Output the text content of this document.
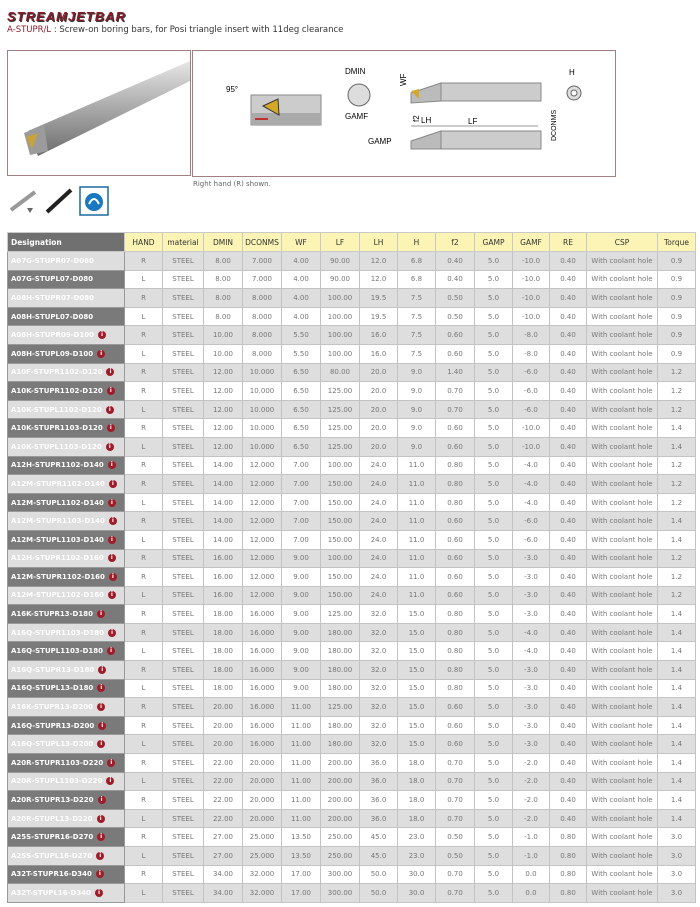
STREAMJETBAR
A-STUPR/L : Screw-on boring bars, for Posi triangle insert with 11deg clearance
95°
DMIN
GAMF
WF
f2 LH	LF	DCONMS
GAMP
H
Right hand (R) shown.
Designation	HAND	material	DMIN	DCONMS	WF	LF	LH	H	f2	GAMP	GAMF	RE	CSP	Torque
A07G-STUPR07-D080	R	STEEL	8.00	7.000	4.00	90.00	12.0	6.8	0.40	5.0	-10.0	0.40	With coolant hole	0.9
A07G-STUPL07-D080	L	STEEL	8.00	7.000	4.00	90.00	12.0	6.8	0.40	5.0	-10.0	0.40	With coolant hole	0.9
A08H-STUPR07-D080	R	STEEL	8.00	8.000	4.00	100.00	19.5	7.5	0.50	5.0	-10.0	0.40	With coolant hole	0.9
A08H-STUPL07-D080	L	STEEL	8.00	8.000	4.00	100.00	19.5	7.5	0.50	5.0	-10.0	0.40	With coolant hole	0.9
A08H-STUPR09-D100 i	R	STEEL	10.00	8.000	5.50	100.00	16.0	7.5	0.60	5.0	-8.0	0.40	With coolant hole	0.9
A08H-STUPL09-D100 i	L	STEEL	10.00	8.000	5.50	100.00	16.0	7.5	0.60	5.0	-8.0	0.40	With coolant hole	0.9
A10F-STUPR1102-D120 i	R	STEEL	12.00	10.000	6.50	80.00	20.0	9.0	1.40	5.0	-6.0	0.40	With coolant hole	1.2
A10K-STUPR1102-D120 i	R	STEEL	12.00	10.000	6.50	125.00	20.0	9.0	0.70	5.0	-6.0	0.40	With coolant hole	1.2
A10K-STUPL1102-D120 i	L	STEEL	12.00	10.000	6.50	125.00	20.0	9.0	0.70	5.0	-6.0	0.40	With coolant hole	1.2
A10K-STUPR1103-D120 i	R	STEEL	12.00	10.000	6.50	125.00	20.0	9.0	0.60	5.0	-10.0	0.40	With coolant hole	1.4
A10K-STUPL1103-D120 i	L	STEEL	12.00	10.000	6.50	125.00	20.0	9.0	0.60	5.0	-10.0	0.40	With coolant hole	1.4
A12H-STUPR1102-D140 i	R	STEEL	14.00	12.000	7.00	100.00	24.0	11.0	0.80	5.0	-4.0	0.40	With coolant hole	1.2
A12M-STUPR1102-D140 i	R	STEEL	14.00	12.000	7.00	150.00	24.0	11.0	0.80	5.0	-4.0	0.40	With coolant hole	1.2
A12M-STUPL1102-D140 i	L	STEEL	14.00	12.000	7.00	150.00	24.0	11.0	0.80	5.0	-4.0	0.40	With coolant hole	1.2
A12M-STUPR1103-D140 i	R	STEEL	14.00	12.000	7.00	150.00	24.0	11.0	0.60	5.0	-6.0	0.40	With coolant hole	1.4
A12M-STUPL1103-D140 i	L	STEEL	14.00	12.000	7.00	150.00	24.0	11.0	0.60	5.0	-6.0	0.40	With coolant hole	1.4
A12H-STUPR1102-D160 i	R	STEEL	16.00	12.000	9.00	100.00	24.0	11.0	0.60	5.0	-3.0	0.40	With coolant hole	1.2
A12M-STUPR1102-D160 i	R	STEEL	16.00	12.000	9.00	150.00	24.0	11.0	0.60	5.0	-3.0	0.40	With coolant hole	1.2
A12M-STUPL1102-D160 i	L	STEEL	16.00	12.000	9.00	150.00	24.0	11.0	0.60	5.0	-3.0	0.40	With coolant hole	1.2
A16K-STUPR13-D180 i	R	STEEL	18.00	16.000	9.00	125.00	32.0	15.0	0.80	5.0	-3.0	0.40	With coolant hole	1.4
A16Q-STUPR1103-D180 i	R	STEEL	18.00	16.000	9.00	180.00	32.0	15.0	0.80	5.0	-4.0	0.40	With coolant hole	1.4
A16Q-STUPL1103-D180 i	L	STEEL	18.00	16.000	9.00	180.00	32.0	15.0	0.80	5.0	-4.0	0.40	With coolant hole	1.4
A16Q-STUPR13-D180 i	R	STEEL	18.00	16.000	9.00	180.00	32.0	15.0	0.80	5.0	-3.0	0.40	With coolant hole	1.4
A16Q-STUPL13-D180 i	L	STEEL	18.00	16.000	9.00	180.00	32.0	15.0	0.80	5.0	-3.0	0.40	With coolant hole	1.4
A16K-STUPR13-D200 i	R	STEEL	20.00	16.000	11.00	125.00	32.0	15.0	0.60	5.0	-3.0	0.40	With coolant hole	1.4
A16Q-STUPR13-D200 i	R	STEEL	20.00	16.000	11.00	180.00	32.0	15.0	0.60	5.0	-3.0	0.40	With coolant hole	1.4
A16Q-STUPL13-D200 i	L	STEEL	20.00	16.000	11.00	180.00	32.0	15.0	0.60	5.0	-3.0	0.40	With coolant hole	1.4
A20R-STUPR1103-D220 i	R	STEEL	22.00	20.000	11.00	200.00	36.0	18.0	0.70	5.0	-2.0	0.40	With coolant hole	1.4
A20R-STUPL1103-D220 i	L	STEEL	22.00	20.000	11.00	200.00	36.0	18.0	0.70	5.0	-2.0	0.40	With coolant hole	1.4
A20R-STUPR13-D220 i	R	STEEL	22.00	20.000	11.00	200.00	36.0	18.0	0.70	5.0	-2.0	0.40	With coolant hole	1.4
A20R-STUPL13-D220 i	L	STEEL	22.00	20.000	11.00	200.00	36.0	18.0	0.70	5.0	-2.0	0.40	With coolant hole	1.4
A25S-STUPR16-D270 i	R	STEEL	27.00	25.000	13.50	250.00	45.0	23.0	0.50	5.0	-1.0	0.80	With coolant hole	3.0
A25S-STUPL16-D270 i	L	STEEL	27.00	25.000	13.50	250.00	45.0	23.0	0.50	5.0	-1.0	0.80	With coolant hole	3.0
A32T-STUPR16-D340 i	R	STEEL	34.00	32.000	17.00	300.00	50.0	30.0	0.70	5.0	0.0	0.80	With coolant hole	3.0
A32T-STUPL16-D340 i	L	STEEL	34.00	32.000	17.00	300.00	50.0	30.0	0.70	5.0	0.0	0.80	With coolant hole	3.0
